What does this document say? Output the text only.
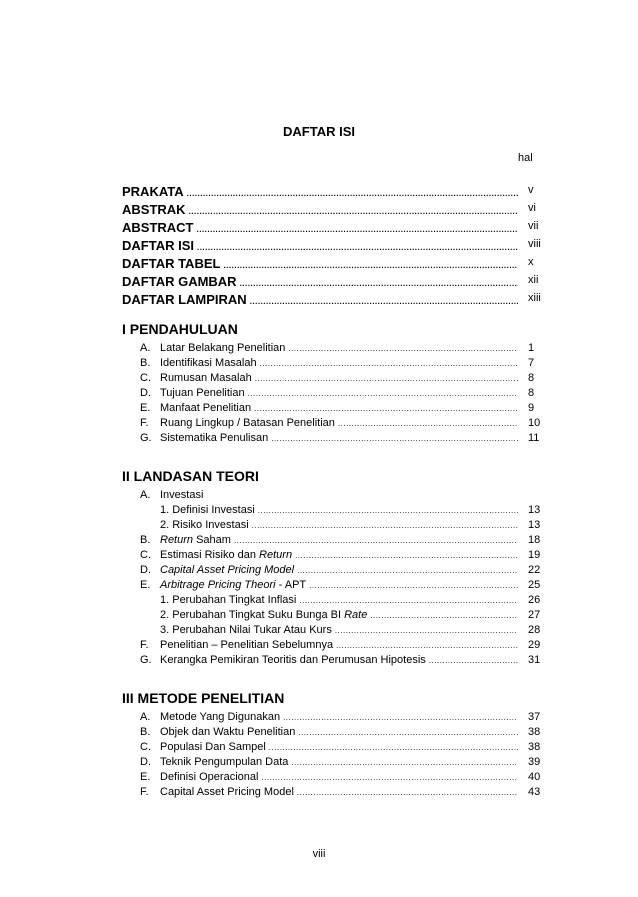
DAFTAR ISI
hal
PRAKATA .....	v
ABSTRAK .....	vi
ABSTRACT .....	vii
DAFTAR ISI .....	viii
DAFTAR TABEL .....	x
DAFTAR GAMBAR .....	xii
DAFTAR LAMPIRAN .....	xiii
I PENDAHULUAN
A. Latar Belakang Penelitian .....	1
B. Identifikasi Masalah .....	7
C. Rumusan Masalah .....	8
D. Tujuan Penelitian .....	8
E. Manfaat Penelitian .....	9
F. Ruang Lingkup / Batasan Penelitian .....	10
G. Sistematika Penulisan .....	11
II LANDASAN TEORI
A. Investasi
1. Definisi Investasi .....	13
2. Risiko Investasi .....	13
B. Return Saham .....	18
C. Estimasi Risiko dan Return .....	19
D. Capital Asset Pricing Model .....	22
E. Arbitrage Pricing Theori - APT .....	25
1. Perubahan Tingkat Inflasi .....	26
2. Perubahan Tingkat Suku Bunga BI Rate .....	27
3. Perubahan Nilai Tukar Atau Kurs .....	28
F. Penelitian – Penelitian Sebelumnya .....	29
G. Kerangka Pemikiran Teoritis dan Perumusan Hipotesis .....	31
III METODE PENELITIAN
A. Metode Yang Digunakan .....	37
B. Objek dan Waktu Penelitian .....	38
C. Populasi Dan Sampel .....	38
D. Teknik Pengumpulan Data .....	39
E. Definisi Operacional .....	40
F. Capital Asset Pricing Model .....	43
viii
